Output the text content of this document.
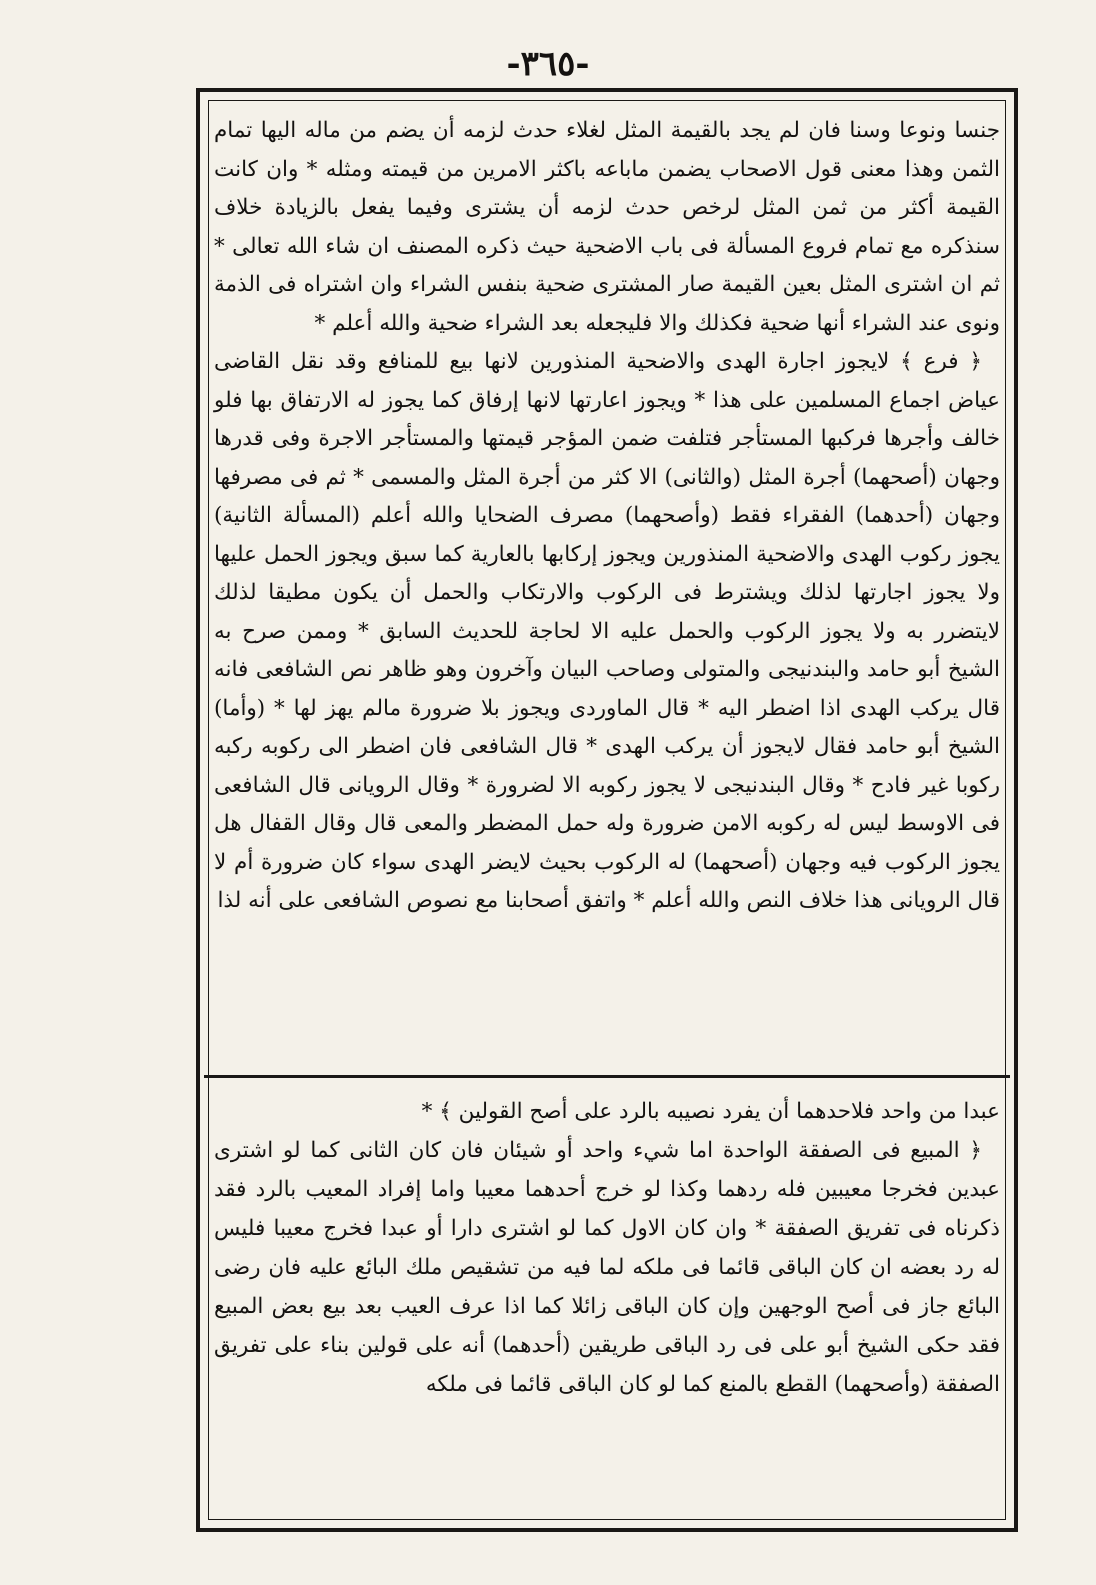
-٣٦٥-

جنسا ونوعا وسنا فان لم يجد بالقيمة المثل لغلاء حدث لزمه أن يضم من ماله اليها تمام الثمن وهذا معنى قول الاصحاب يضمن ماباعه باكثر الامرين من قيمته ومثله * وان كانت القيمة أكثر من ثمن المثل لرخص حدث لزمه أن يشترى وفيما يفعل بالزيادة خلاف سنذكره مع تمام فروع المسألة فى باب الاضحية حيث ذكره المصنف ان شاء الله تعالى * ثم ان اشترى المثل بعين القيمة صار المشترى ضحية بنفس الشراء وان اشتراه فى الذمة ونوى عند الشراء أنها ضحية فكذلك والا فليجعله بعد الشراء ضحية والله أعلم *

﴿ فرع ﴾ لايجوز اجارة الهدى والاضحية المنذورين لانها بيع للمنافع وقد نقل القاضى عياض اجماع المسلمين على هذا * ويجوز اعارتها لانها إرفاق كما يجوز له الارتفاق بها فلو خالف وأجرها فركبها المستأجر فتلفت ضمن المؤجر قيمتها والمستأجر الاجرة وفى قدرها وجهان (أصحهما) أجرة المثل (والثانى) الا كثر من أجرة المثل والمسمى * ثم فى مصرفها وجهان (أحدهما) الفقراء فقط (وأصحهما) مصرف الضحايا والله أعلم (المسألة الثانية) يجوز ركوب الهدى والاضحية المنذورين ويجوز إركابها بالعارية كما سبق ويجوز الحمل عليها ولا يجوز اجارتها لذلك ويشترط فى الركوب والارتكاب والحمل أن يكون مطيقا لذلك لايتضرر به ولا يجوز الركوب والحمل عليه الا لحاجة للحديث السابق * وممن صرح به الشيخ أبو حامد والبندنيجى والمتولى وصاحب البيان وآخرون وهو ظاهر نص الشافعى فانه قال يركب الهدى اذا اضطر اليه * قال الماوردى ويجوز بلا ضرورة مالم يهز لها * (وأما) الشيخ أبو حامد فقال لايجوز أن يركب الهدى * قال الشافعى فان اضطر الى ركوبه ركبه ركوبا غير فادح * وقال البندنيجى لا يجوز ركوبه الا لضرورة * وقال الرويانى قال الشافعى فى الاوسط ليس له ركوبه الامن ضرورة وله حمل المضطر والمعى قال وقال القفال هل يجوز الركوب فيه وجهان (أصحهما) له الركوب بحيث لايضر الهدى سواء كان ضرورة أم لا قال الرويانى هذا خلاف النص والله أعلم * واتفق أصحابنا مع نصوص الشافعى على أنه لذا

عبدا من واحد فلاحدهما أن يفرد نصيبه بالرد على أصح القولين ﴾ *

﴿ المبيع فى الصفقة الواحدة اما شيء واحد أو شيئان فان كان الثانى كما لو اشترى عبدين فخرجا معيبين فله ردهما وكذا لو خرج أحدهما معيبا واما إفراد المعيب بالرد فقد ذكرناه فى تفريق الصفقة * وان كان الاول كما لو اشترى دارا أو عبدا فخرج معيبا فليس له رد بعضه ان كان الباقى قائما فى ملكه لما فيه من تشقيص ملك البائع عليه فان رضى البائع جاز فى أصح الوجهين وإن كان الباقى زائلا كما اذا عرف العيب بعد بيع بعض المبيع فقد حكى الشيخ أبو على فى رد الباقى طريقين (أحدهما) أنه على قولين بناء على تفريق الصفقة (وأصحهما) القطع بالمنع كما لو كان الباقى قائما فى ملكه
